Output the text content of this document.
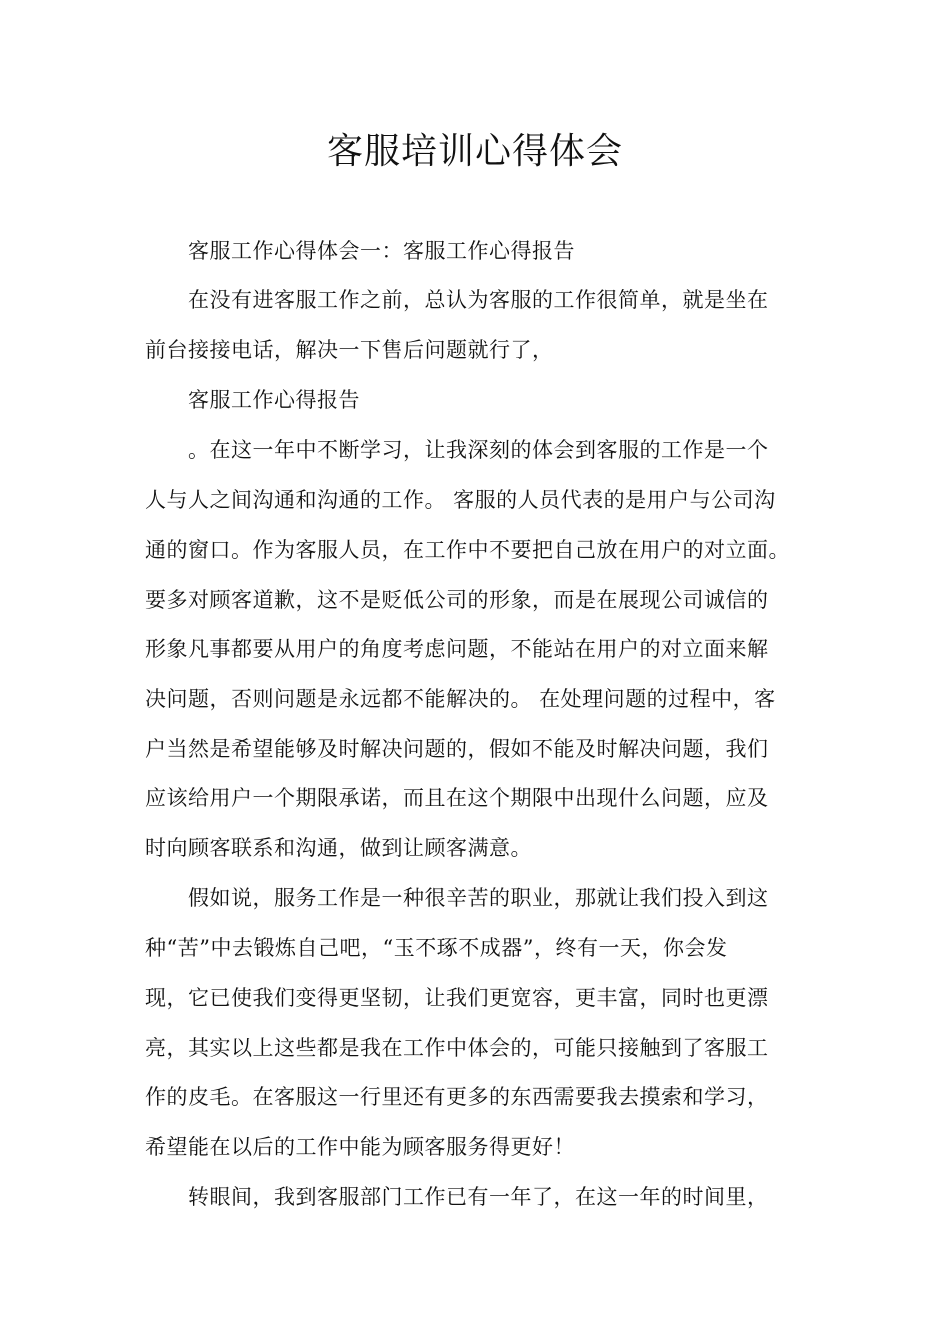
客服培训心得体会
客服工作心得体会一：客服工作心得报告
在没有进客服工作之前，总认为客服的工作很简单，就是坐在
前台接接电话，解决一下售后问题就行了，
客服工作心得报告
。在这一年中不断学习，让我深刻的体会到客服的工作是一个
人与人之间沟通和沟通的工作。 客服的人员代表的是用户与公司沟
通的窗口。作为客服人员，在工作中不要把自己放在用户的对立面。
要多对顾客道歉，这不是贬低公司的形象，而是在展现公司诚信的
形象凡事都要从用户的角度考虑问题，不能站在用户的对立面来解
决问题，否则问题是永远都不能解决的。 在处理问题的过程中，客
户当然是希望能够及时解决问题的，假如不能及时解决问题，我们
应该给用户一个期限承诺，而且在这个期限中出现什么问题，应及
时向顾客联系和沟通，做到让顾客满意。
假如说，服务工作是一种很辛苦的职业，那就让我们投入到这
种“苦”中去锻炼自己吧，“玉不琢不成器”，终有一天，你会发
现，它已使我们变得更坚韧，让我们更宽容，更丰富，同时也更漂
亮，其实以上这些都是我在工作中体会的，可能只接触到了客服工
作的皮毛。在客服这一行里还有更多的东西需要我去摸索和学习，
希望能在以后的工作中能为顾客服务得更好！
转眼间，我到客服部门工作已有一年了，在这一年的时间里，
